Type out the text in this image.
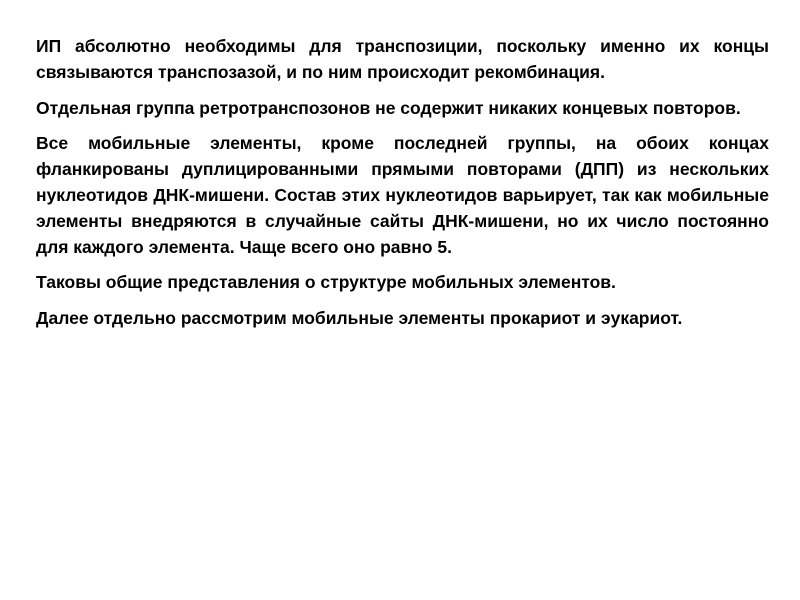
ИП абсолютно необходимы для транспозиции, поскольку именно их концы связываются транспозазой, и по ним происходит рекомбинация.

Отдельная группа ретротранспозонов не содержит никаких концевых повторов.

Все мобильные элементы, кроме последней группы, на обоих концах фланкированы дуплицированными прямыми повторами (ДПП) из нескольких нуклеотидов ДНК-мишени. Состав этих нуклеотидов варьирует, так как мобильные элементы внедряются в случайные сайты ДНК-мишени, но их число постоянно для каждого элемента. Чаще всего оно равно 5.

Таковы общие представления о структуре мобильных элементов.

Далее отдельно рассмотрим мобильные элементы прокариот и эукариот.
